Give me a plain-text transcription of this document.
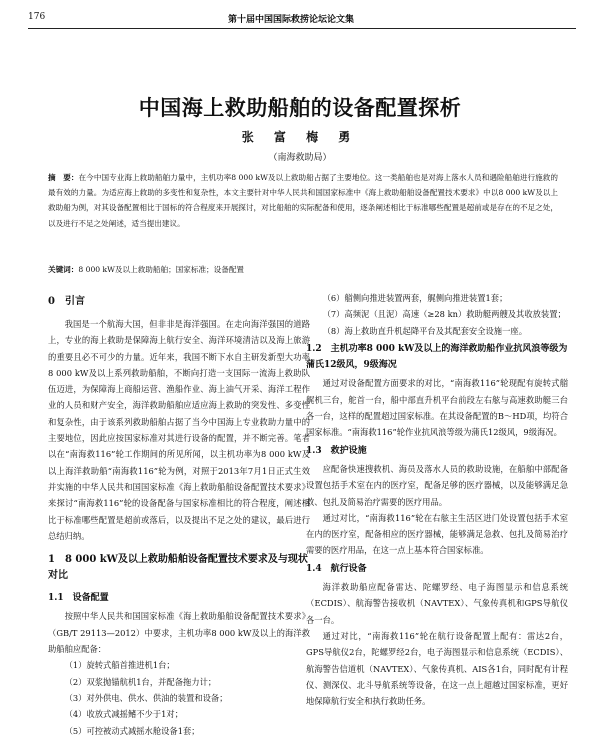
176	第十届中国国际救捞论坛论文集
中国海上救助船舶的设备配置探析
张 富 梅 勇
（南海救助局）
摘　要：在今中国专业海上救助船舶力量中，主机功率8 000 kW及以上救助船占据了主要地位。这一类船舶也是对海上落水人员和遇险船舶进行施救的最有效的力量。为适应海上救助的多变性和复杂性，本文主要针对中华人民共和国国家标准中《海上救助船舶设备配置技术要求》中以8 000 kW及以上救助船为例，对其设备配置相比于国标的符合程度来开展探讨，对比船舶的实际配备和使用，逐条阐述相比于标准哪些配置是超前或是存在的不足之处，以及进行不足之处阐述，适当提出建议。
关键词：8 000 kW及以上救助船舶；国家标准；设备配置
0　引言

我国是一个航海大国，但非非是海洋强国。在走向海洋强国的道路上，专业的海上救助是保障海上航行安全、海洋环境清洁以及海上旅游的重要且必不可少的力量。近年来，我国不断下水自主研发新型大功率8 000 kW及以上系列救助船舶，不断向打造一支国际一流海上救助队伍迈进，为保障海上商船运营、渔船作业、海上油气开采、海洋工程作业的人员和财产安全，海洋救助船舶应适应海上救助的突发性、多变性和复杂性，由于该系列救助船舶占据了当今中国海上专业救助力量中的主要地位，因此应按国家标准对其进行设备的配置，并不断完善。笔者以在“南海救116”轮工作期间的所见所闻，以主机功率为8 000 kW及以上海洋救助船“南海救116”轮为例，对照于2013年7月1日正式生效并实施的中华人民共和国国家标准《海上救助船舶设备配置技术要求》来探讨“南海救116”轮的设备配备与国家标准相比的符合程度，阐述相比于标准哪些配置是超前或落后，以及提出不足之处的建议，最后进行总结归纳。

1　8 000 kW及以上救助船舶设备配置技术要求及与现状对比
1.1　设备配置

按照中华人民共和国国家标准《海上救助船舶设备配置技术要求》（GB/T 29113—2012）中要求，主机功率8 000 kW及以上的海洋救助船舶应配备：

（1）旋转式船首推进机1台；

（2）双浆抛锚航机1台，并配备拖力计；

（3）对外供电、供水、供油的装置和设备；

（4）收放式减摇鳍不少于1对；

（5）可控被动式减摇水舱设备1套；

（6）艏侧向推进装置两套，艉侧向推进装置1套；

（7）高频泥（且泥）高速（≥28 kn）救助艇两艘及其收放装置；

（8）海上救助直升机起降平台及其配套安全设施一座。

1.2　主机功率8 000 kW及以上的海洋救助船作业抗风浪等级为蒲氏12级风，9级海况

通过对设备配置方面要求的对比，“南海救116”轮现配有旋转式艏艉机三台，舵首一台，船中部直升机平台前段左右舷与高速救助艇三台各一台，这样的配置超过国家标准。在其设备配置的B～HD项，均符合国家标准。“南海救116”轮作业抗风浪等级为蒲氏12级风，9级海况。

1.3　救护设施

应配备快速搜救机、海员及落水人员的救助设施，在船舶中部配备设置包括手术室在内的医疗室，配备足够的医疗器械，以及能够满足急救、包扎及简易治疗需要的医疗用品。

通过对比，“南海救116”轮在右舷主生活区进门处设置包括手术室在内的医疗室，配备相应的医疗器械，能够满足急救、包扎及简易治疗需要的医疗用品，在这一点上基本符合国家标准。

1.4　航行设备

海洋救助船应配备雷达、陀螺罗经、电子海图显示和信息系统（ECDIS）、航海警告接收机（NAVTEX）、气象传真机和GPS导航仪各一台。

通过对比，“南海救116”轮在航行设备配置上配有：雷达2台，GPS导航仪2台，陀螺罗经2台，电子海图显示和信息系统（ECDIS）、航海警告信道机（NAVTEX）、气象传真机、AIS各1台，同时配有计程仪、测深仪、北斗导航系统等设备，在这一点上超越过国家标准，更好地保障航行安全和执行救助任务。
